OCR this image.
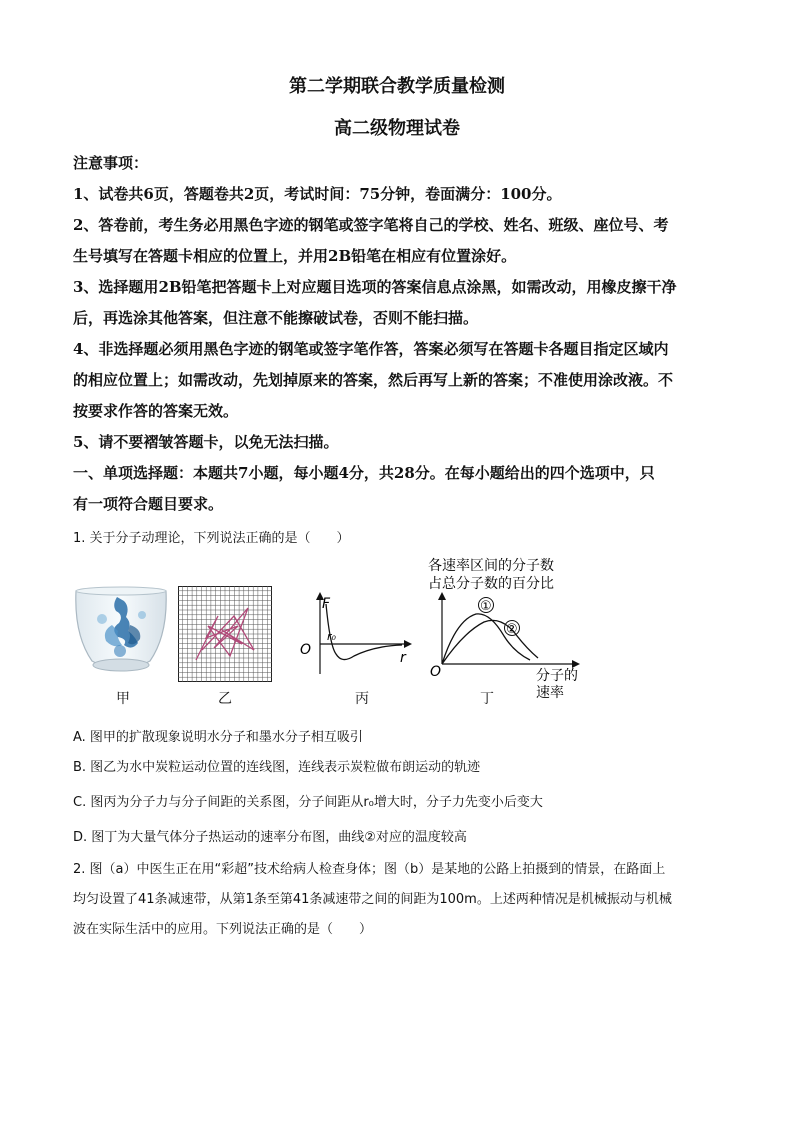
第二学期联合教学质量检测
高二级物理试卷
注意事项：
1、试卷共6页，答题卷共2页，考试时间：75分钟，卷面满分：100分。
2、答卷前，考生务必用黑色字迹的钢笔或签字笔将自己的学校、姓名、班级、座位号、考
生号填写在答题卡相应的位置上，并用2B铅笔在相应有位置涂好。
3、选择题用2B铅笔把答题卡上对应题目选项的答案信息点涂黑，如需改动，用橡皮擦干净
后，再选涂其他答案，但注意不能擦破试卷，否则不能扫描。
4、非选择题必须用黑色字迹的钢笔或签字笔作答，答案必须写在答题卡各题目指定区域内
的相应位置上；如需改动，先划掉原来的答案，然后再写上新的答案；不准使用涂改液。不
按要求作答的答案无效。
5、请不要褶皱答题卡，以免无法扫描。
一、单项选择题：本题共7小题，每小题4分，共28分。在每小题给出的四个选项中，只
有一项符合题目要求。
1. 关于分子动理论，下列说法正确的是（　　）
甲	乙
F
O
r₀
r
丙
各速率区间的分子数
占总分子数的百分比
①
②
O	分子的
速率
丁
A. 图甲的扩散现象说明水分子和墨水分子相互吸引
B. 图乙为水中炭粒运动位置的连线图，连线表示炭粒做布朗运动的轨迹
C. 图丙为分子力与分子间距的关系图，分子间距从r₀增大时，分子力先变小后变大
D. 图丁为大量气体分子热运动的速率分布图，曲线②对应的温度较高
2. 图（a）中医生正在用“彩超”技术给病人检查身体；图（b）是某地的公路上拍摄到的情景，在路面上
均匀设置了41条减速带，从第1条至第41条减速带之间的间距为100m。上述两种情况是机械振动与机械
波在实际生活中的应用。下列说法正确的是（　　）
